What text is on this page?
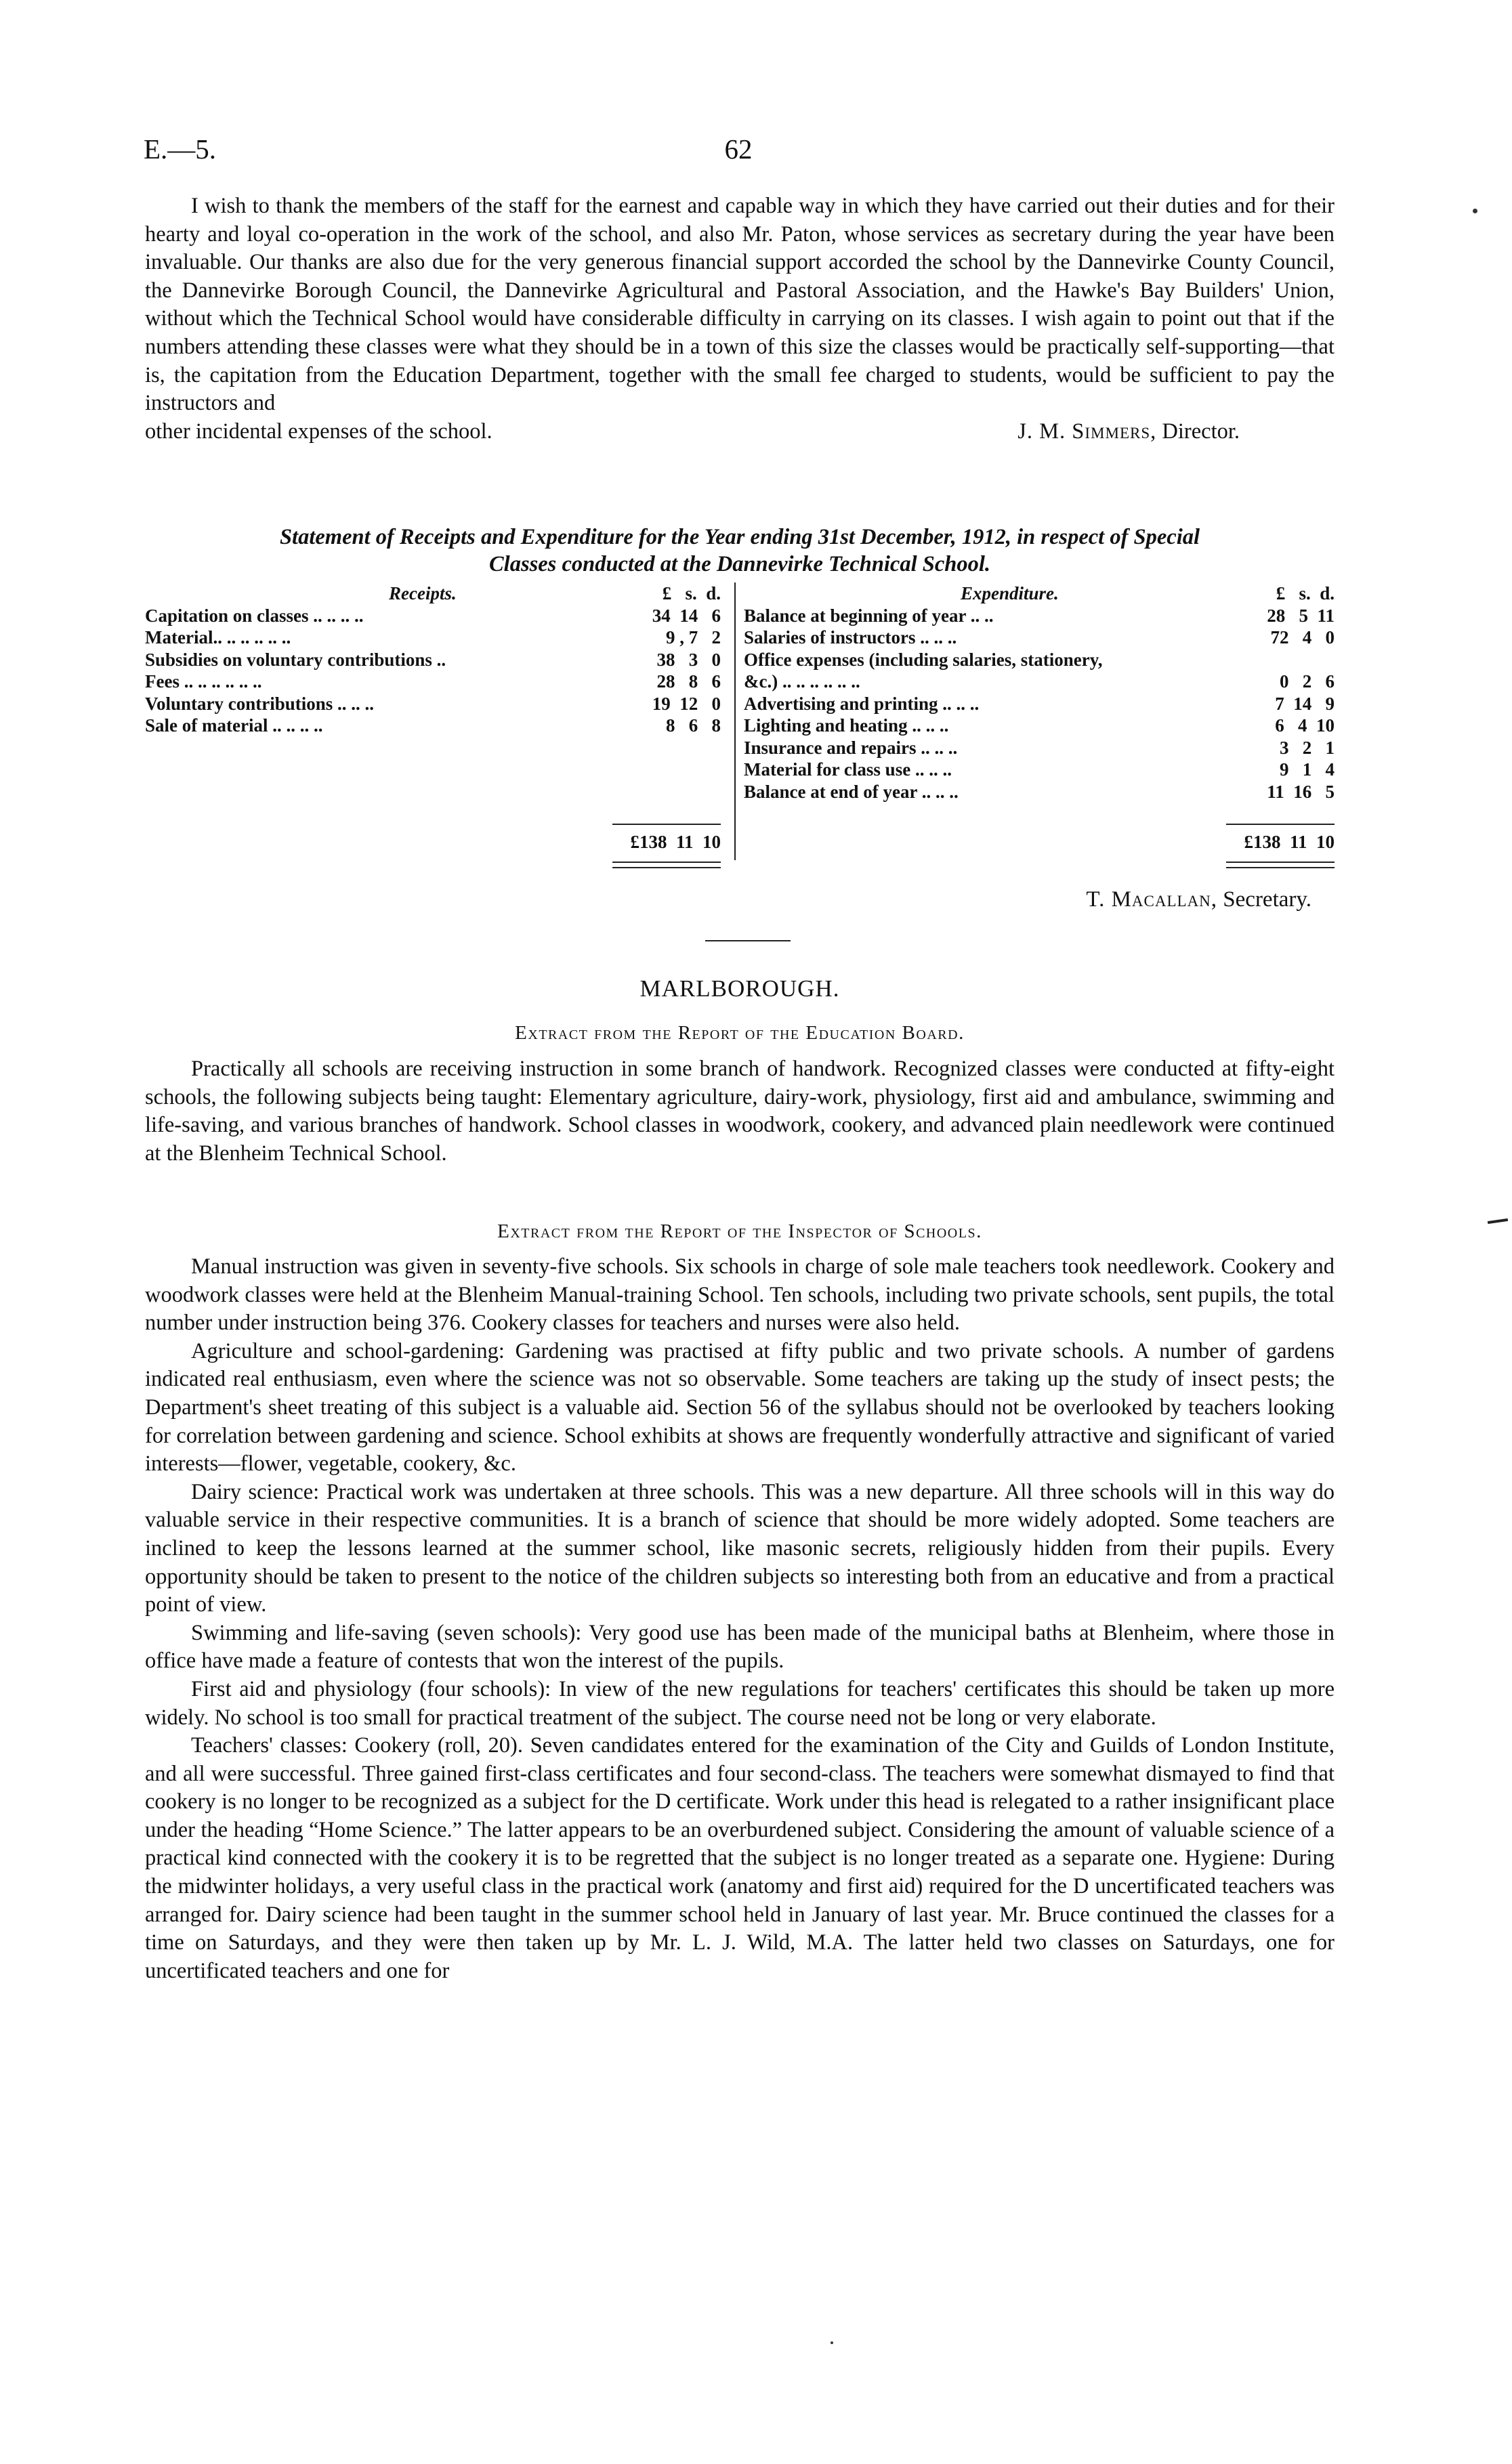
E.—5.	62

I wish to thank the members of the staff for the earnest and capable way in which they have carried out their duties and for their hearty and loyal co-operation in the work of the school, and also Mr. Paton, whose services as secretary during the year have been invaluable. Our thanks are also due for the very generous financial support accorded the school by the Dannevirke County Council, the Dannevirke Borough Council, the Dannevirke Agricultural and Pastoral Association, and the Hawke's Bay Builders' Union, without which the Technical School would have considerable difficulty in carrying on its classes. I wish again to point out that if the numbers attending these classes were what they should be in a town of this size the classes would be practically self-supporting—that is, the capitation from the Education Department, together with the small fee charged to students, would be sufficient to pay the instructors and

other incidental expenses of the school.	J. M. Simmers, Director.
Statement of Receipts and Expenditure for the Year ending 31st December, 1912, in respect of Special
Classes conducted at the Dannevirke Technical School.
Receipts.	£   s.  d.
Capitation on classes .. .. .. ..	34  14   6
Material.. .. .. .. .. ..	9 , 7   2
Subsidies on voluntary contributions ..	38   3   0
Fees .. .. .. .. .. ..	28   8   6
Voluntary contributions .. .. ..	19  12   0
Sale of material .. .. .. ..	8   6   8
Expenditure.	£   s.  d.
Balance at beginning of year .. ..	28   5  11
Salaries of instructors .. .. ..	72   4   0
Office expenses (including salaries, stationery,
&c.) .. .. .. .. .. ..	0   2   6
Advertising and printing .. .. ..	7  14   9
Lighting and heating .. .. ..	6   4  10
Insurance and repairs .. .. ..	3   2   1
Material for class use .. .. ..	9   1   4
Balance at end of year .. .. ..	11  16   5
£138  11  10	£138  11  10
T. Macallan, Secretary.
MARLBOROUGH.
Extract from the Report of the Education Board.

Practically all schools are receiving instruction in some branch of handwork. Recognized classes were conducted at fifty-eight schools, the following subjects being taught: Elementary agriculture, dairy-work, physiology, first aid and ambulance, swimming and life-saving, and various branches of handwork. School classes in woodwork, cookery, and advanced plain needlework were continued at the Blenheim Technical School.

Extract from the Report of the Inspector of Schools.

Manual instruction was given in seventy-five schools. Six schools in charge of sole male teachers took needlework. Cookery and woodwork classes were held at the Blenheim Manual-training School. Ten schools, including two private schools, sent pupils, the total number under instruction being 376. Cookery classes for teachers and nurses were also held.

Agriculture and school-gardening: Gardening was practised at fifty public and two private schools. A number of gardens indicated real enthusiasm, even where the science was not so observable. Some teachers are taking up the study of insect pests; the Department's sheet treating of this subject is a valuable aid. Section 56 of the syllabus should not be overlooked by teachers looking for correlation between gardening and science. School exhibits at shows are frequently wonderfully attractive and significant of varied interests—flower, vegetable, cookery, &c.

Dairy science: Practical work was undertaken at three schools. This was a new departure. All three schools will in this way do valuable service in their respective communities. It is a branch of science that should be more widely adopted. Some teachers are inclined to keep the lessons learned at the summer school, like masonic secrets, religiously hidden from their pupils. Every opportunity should be taken to present to the notice of the children subjects so interesting both from an educative and from a practical point of view.

Swimming and life-saving (seven schools): Very good use has been made of the municipal baths at Blenheim, where those in office have made a feature of contests that won the interest of the pupils.

First aid and physiology (four schools): In view of the new regulations for teachers' certificates this should be taken up more widely. No school is too small for practical treatment of the subject. The course need not be long or very elaborate.

Teachers' classes: Cookery (roll, 20). Seven candidates entered for the examination of the City and Guilds of London Institute, and all were successful. Three gained first-class certificates and four second-class. The teachers were somewhat dismayed to find that cookery is no longer to be recognized as a subject for the D certificate. Work under this head is relegated to a rather insignificant place under the heading “Home Science.” The latter appears to be an overburdened subject. Considering the amount of valuable science of a practical kind connected with the cookery it is to be regretted that the subject is no longer treated as a separate one. Hygiene: During the midwinter holidays, a very useful class in the practical work (anatomy and first aid) required for the D uncertificated teachers was arranged for. Dairy science had been taught in the summer school held in January of last year. Mr. Bruce continued the classes for a time on Saturdays, and they were then taken up by Mr. L. J. Wild, M.A. The latter held two classes on Saturdays, one for uncertificated teachers and one for
